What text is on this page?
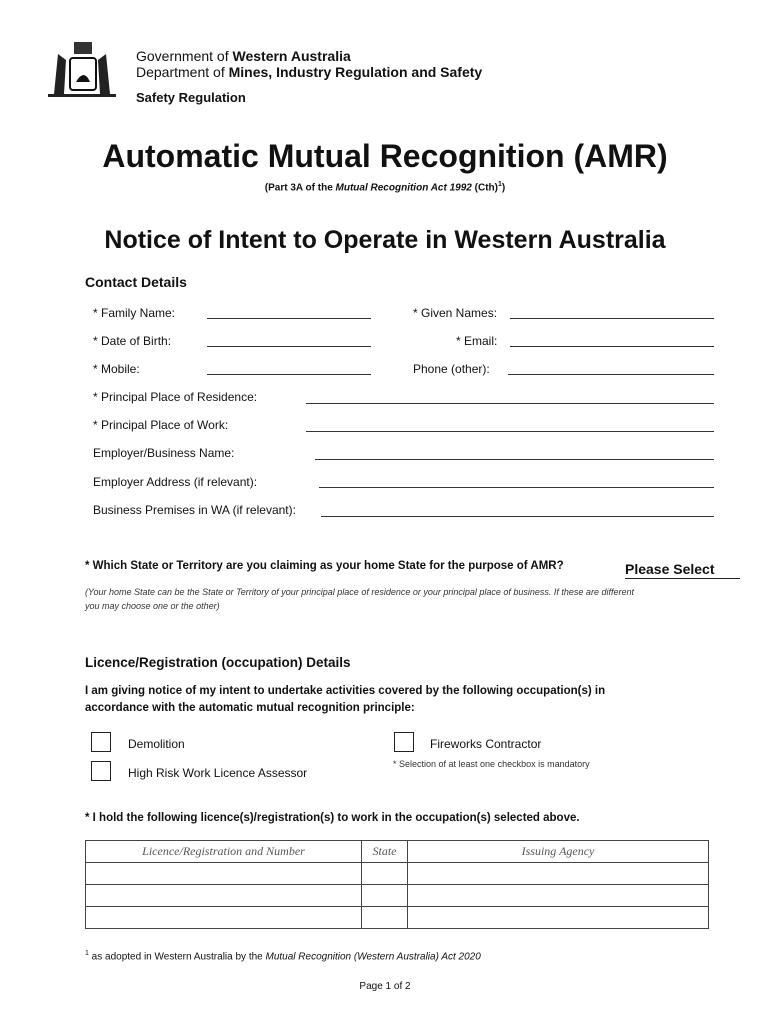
Government of Western Australia
Department of Mines, Industry Regulation and Safety
Safety Regulation
Automatic Mutual Recognition (AMR)
(Part 3A of the Mutual Recognition Act 1992 (Cth)$^1$)
Notice of Intent to Operate in Western Australia
Contact Details
* Family Name:	* Given Names:
* Date of Birth:	* Email:
* Mobile:	Phone (other):
* Principal Place of Residence:
* Principal Place of Work:
Employer/Business Name:
Employer Address (if relevant):
Business Premises in WA (if relevant):
* Which State or Territory are you claiming as your home State for the purpose of AMR?	Please Select
(Your home State can be the State or Territory of your principal place of residence or your principal place of business. If these are different
you may choose one or the other)
Licence/Registration (occupation) Details
I am giving notice of my intent to undertake activities covered by the following occupation(s) in
accordance with the automatic mutual recognition principle:
Demolition
High Risk Work Licence Assessor
Fireworks Contractor
* Selection of at least one checkbox is mandatory
* I hold the following licence(s)/registration(s) to work in the occupation(s) selected above.
Licence/Registration and Number	State	Issuing Agency

$^1$ as adopted in Western Australia by the Mutual Recognition (Western Australia) Act 2020
Page 1 of 2
